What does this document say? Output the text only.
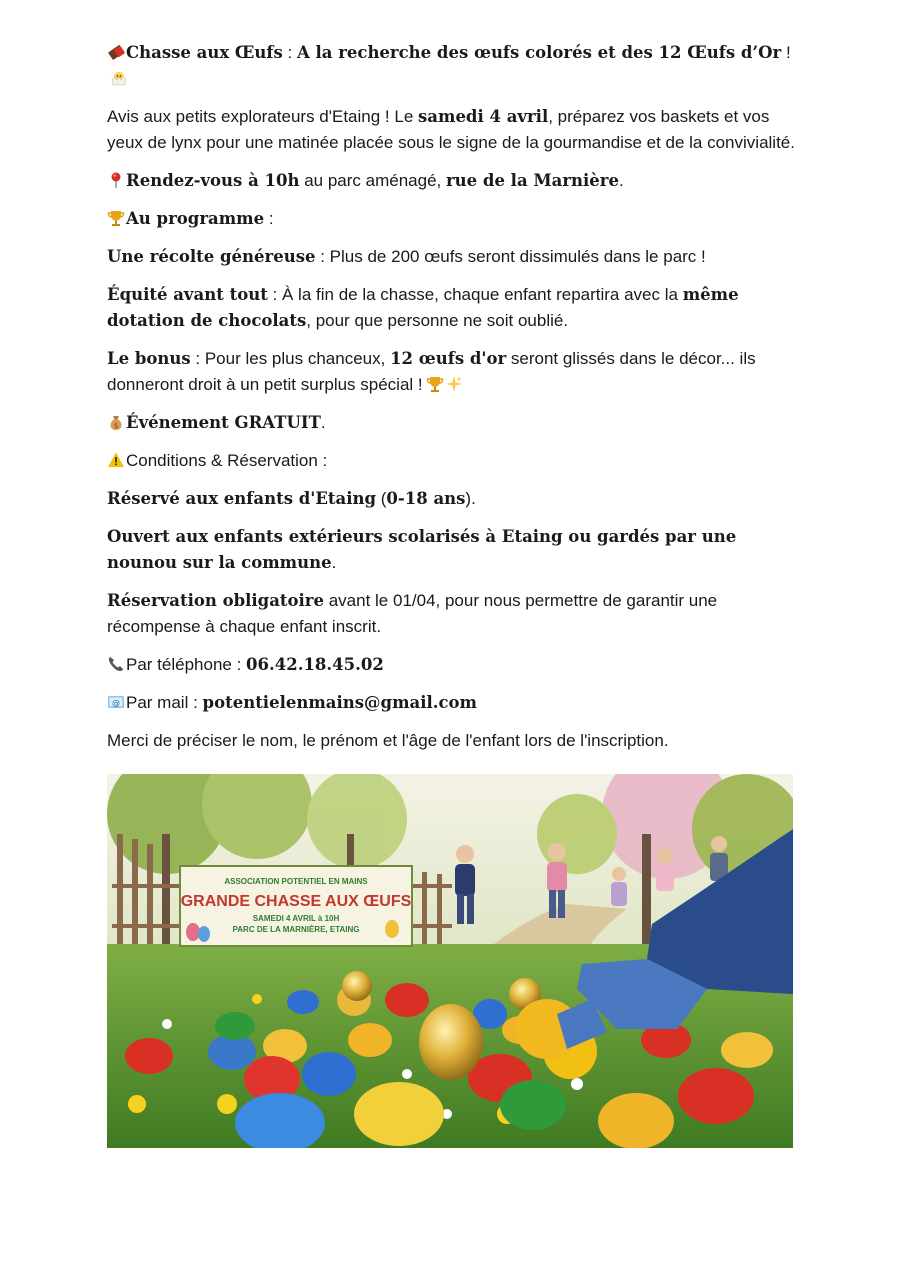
Chasse aux Œufs : A la recherche des œufs colorés et des 12 Œufs d’Or !

Avis aux petits explorateurs d'Etaing ! Le samedi 4 avril, préparez vos baskets et vos yeux de lynx pour une matinée placée sous le signe de la gourmandise et de la convivialité.

Rendez-vous à 10h au parc aménagé, rue de la Marnière.

Au programme :

Une récolte généreuse : Plus de 200 œufs seront dissimulés dans le parc !

Équité avant tout : À la fin de la chasse, chaque enfant repartira avec la même dotation de chocolats, pour que personne ne soit oublié.

Le bonus : Pour les plus chanceux, 12 œufs d'or seront glissés dans le décor... ils donneront droit à un petit surplus spécial !

$ Événement GRATUIT.

Conditions & Réservation :

Réservé aux enfants d'Etaing (0-18 ans).

Ouvert aux enfants extérieurs scolarisés à Etaing ou gardés par une nounou sur la commune.

Réservation obligatoire avant le 01/04, pour nous permettre de garantir une récompense à chaque enfant inscrit.

Par téléphone : 06.42.18.45.02

@ Par mail : potentielenmains@gmail.com

Merci de préciser le nom, le prénom et l'âge de l'enfant lors de l'inscription.

ASSOCIATION POTENTIEL EN MAINS
GRANDE CHASSE AUX ŒUFS
SAMEDI 4 AVRIL à 10H
PARC DE LA MARNIÈRE, ETAING
